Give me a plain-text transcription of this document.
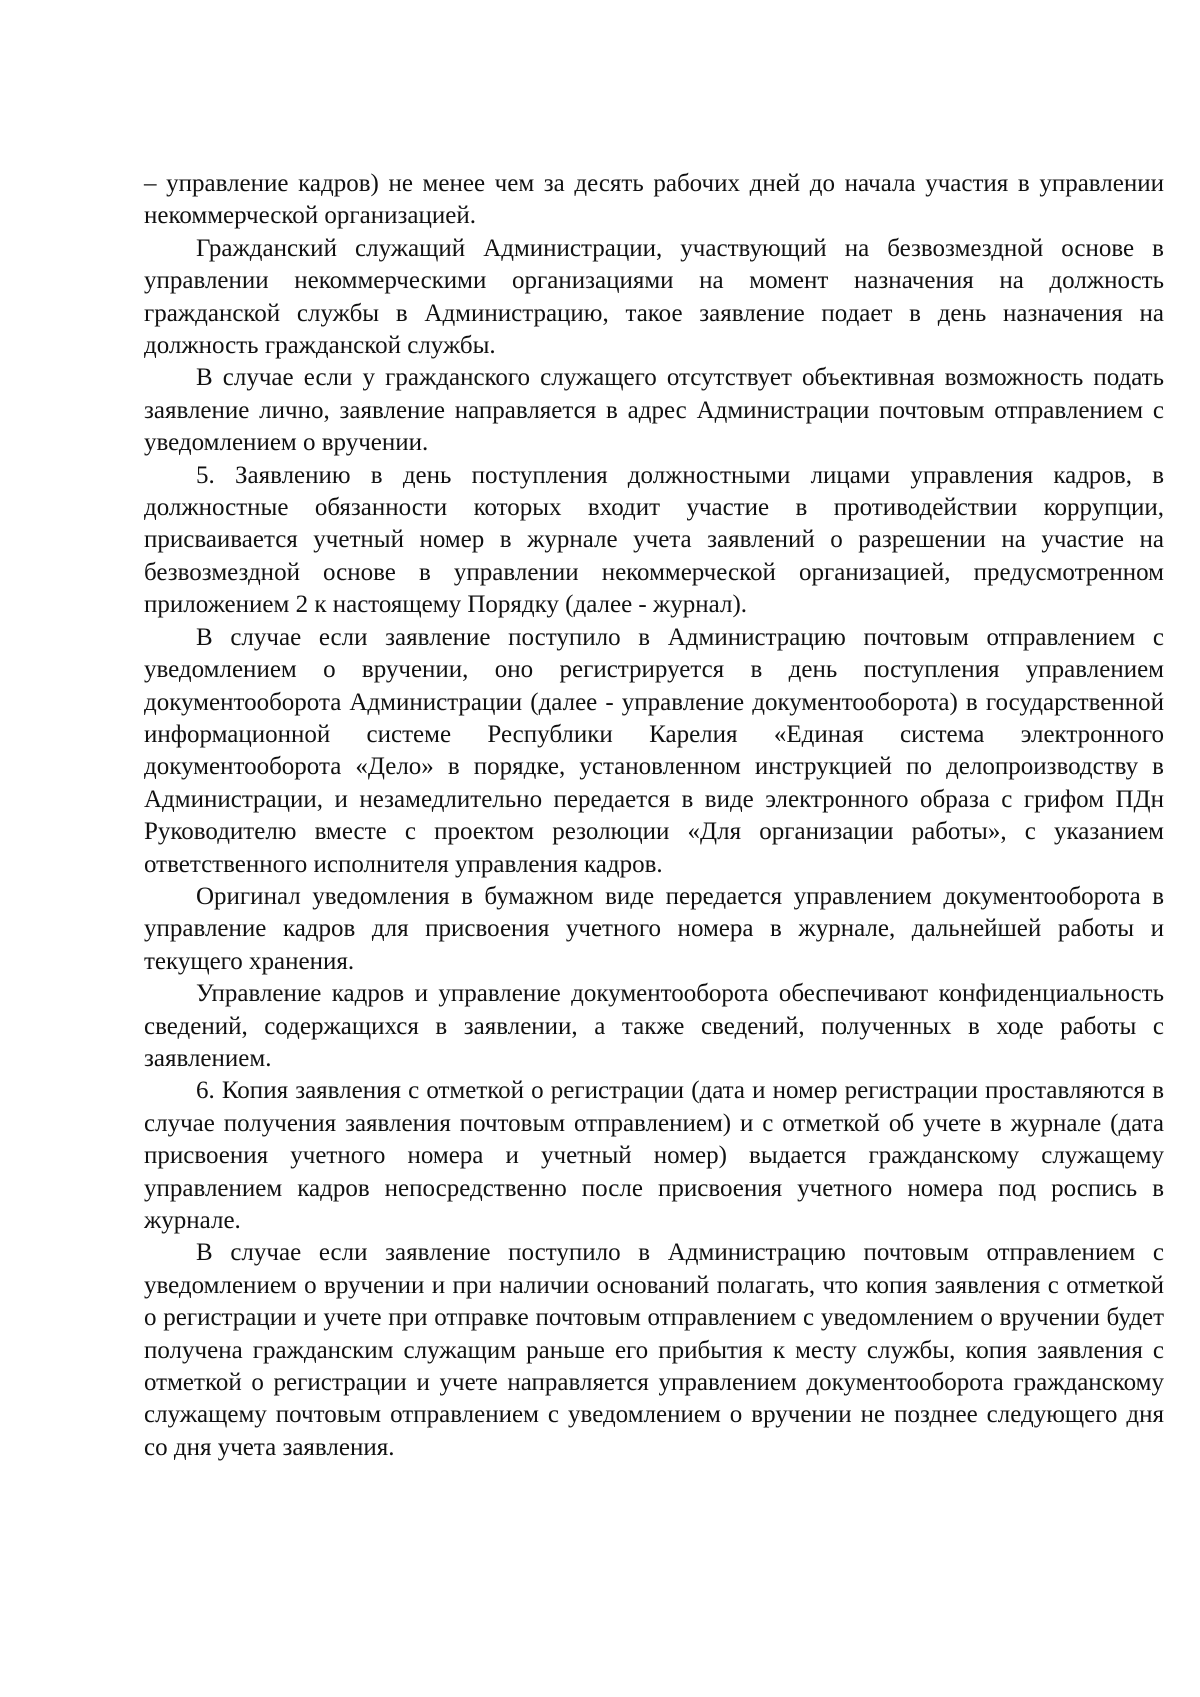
– управление кадров) не менее чем за десять рабочих дней до начала участия в управлении некоммерческой организацией.

Гражданский служащий Администрации, участвующий на безвозмездной основе в управлении некоммерческими организациями на момент назначения на должность гражданской службы в Администрацию, такое заявление подает в день назначения на должность гражданской службы.

В случае если у гражданского служащего отсутствует объективная возможность подать заявление лично, заявление направляется в адрес Администрации почтовым отправлением с уведомлением о вручении.

5. Заявлению в день поступления должностными лицами управления кадров, в должностные обязанности которых входит участие в противодействии коррупции, присваивается учетный номер в журнале учета заявлений о разрешении на участие на безвозмездной основе в управлении некоммерческой организацией, предусмотренном приложением 2 к настоящему Порядку (далее - журнал).

В случае если заявление поступило в Администрацию почтовым отправлением с уведомлением о вручении, оно регистрируется в день поступления управлением документооборота Администрации (далее - управление документооборота) в государственной информационной системе Республики Карелия «Единая система электронного документооборота «Дело» в порядке, установленном инструкцией по делопроизводству в Администрации, и незамедлительно передается в виде электронного образа с грифом ПДн Руководителю вместе с проектом резолюции «Для организации работы», с указанием ответственного исполнителя управления кадров.

Оригинал уведомления в бумажном виде передается управлением документооборота в управление кадров для присвоения учетного номера в журнале, дальнейшей работы и текущего хранения.

Управление кадров и управление документооборота обеспечивают конфиденциальность сведений, содержащихся в заявлении, а также сведений, полученных в ходе работы с заявлением.

6. Копия заявления с отметкой о регистрации (дата и номер регистрации проставляются в случае получения заявления почтовым отправлением) и с отметкой об учете в журнале (дата присвоения учетного номера и учетный номер) выдается гражданскому служащему управлением кадров непосредственно после присвоения учетного номера под роспись в журнале.

В случае если заявление поступило в Администрацию почтовым отправлением с уведомлением о вручении и при наличии оснований полагать, что копия заявления с отметкой о регистрации и учете при отправке почтовым отправлением с уведомлением о вручении будет получена гражданским служащим раньше его прибытия к месту службы, копия заявления с отметкой о регистрации и учете направляется управлением документооборота гражданскому служащему почтовым отправлением с уведомлением о вручении не позднее следующего дня со дня учета заявления.
